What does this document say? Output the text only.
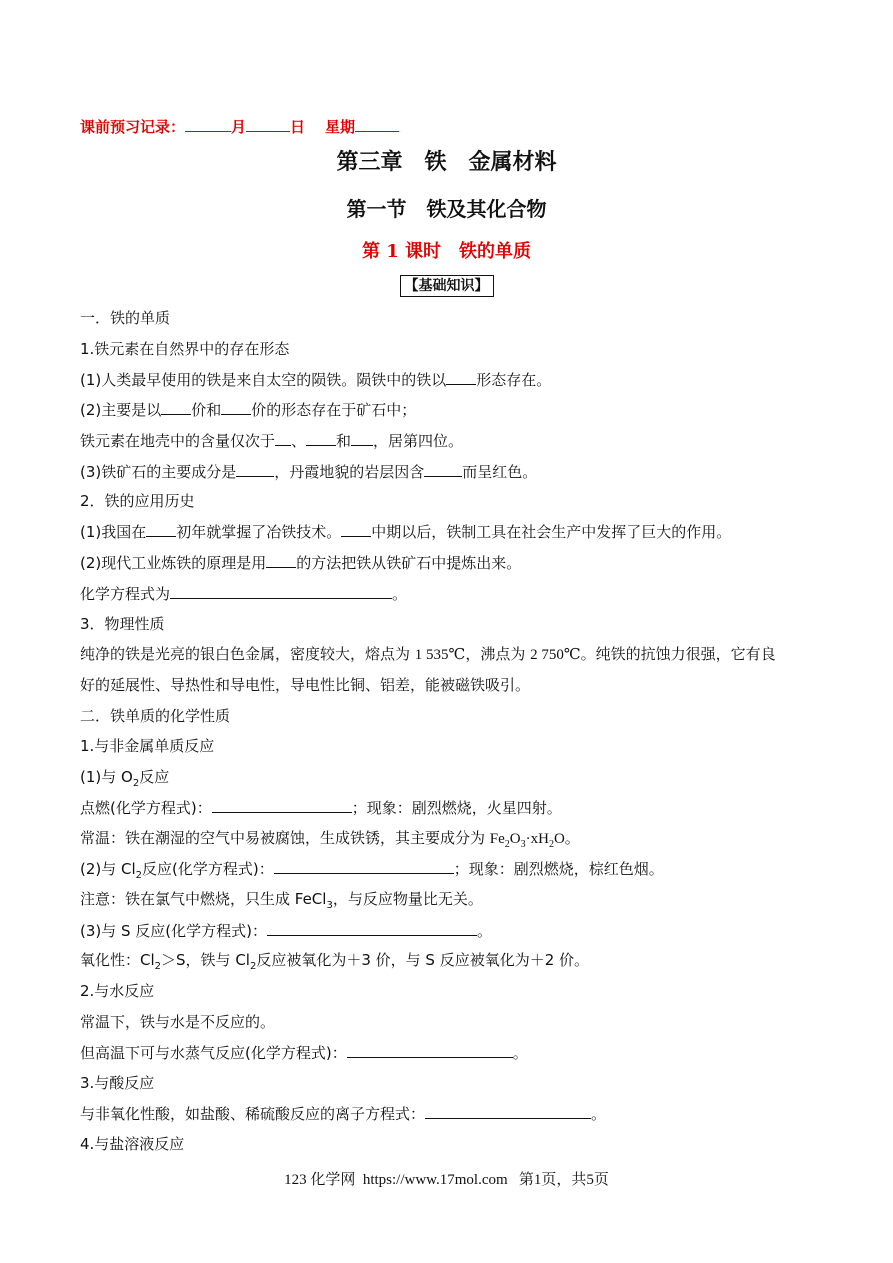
课前预习记录：	月	日 星期
第三章　铁　金属材料
第一节　铁及其化合物
第 1 课时　铁的单质
【基础知识】
一．铁的单质
1.铁元素在自然界中的存在形态
(1)人类最早使用的铁是来自太空的陨铁。陨铁中的铁以 形态存在。
(2)主要是以 价和 价的形态存在于矿石中；
铁元素在地壳中的含量仅次于 、 和 ，居第四位。
(3)铁矿石的主要成分是	，丹霞地貌的岩层因含	而呈红色。
2．铁的应用历史
(1)我国在 初年就掌握了冶铁技术。 中期以后，铁制工具在社会生产中发挥了巨大的作用。
(2)现代工业炼铁的原理是用 的方法把铁从铁矿石中提炼出来。
化学方程式为	。
3．物理性质
纯净的铁是光亮的银白色金属，密度较大，熔点为 1 535℃，沸点为 2 750℃。纯铁的抗蚀力很强，它有良
好的延展性、导热性和导电性，导电性比铜、铝差，能被磁铁吸引。
二．铁单质的化学性质
1.与非金属单质反应
(1)与 $O_2$反应
点燃(化学方程式)：	；现象：剧烈燃烧，火星四射。
常温：铁在潮湿的空气中易被腐蚀，生成铁锈，其主要成分为 $Fe_2O_3\cdot xH_2O$。
(2)与 $Cl_2$反应(化学方程式)：	；现象：剧烈燃烧，棕红色烟。
注意：铁在氯气中燃烧，只生成 FeCl$_3$，与反应物量比无关。
(3)与 S 反应(化学方程式)：	。
氧化性：$Cl_2>S$，铁与 $Cl_2$反应被氧化为＋3 价，与 S 反应被氧化为＋2 价。
2.与水反应
常温下，铁与水是不反应的。
但高温下可与水蒸气反应(化学方程式)：	。
3.与酸反应
与非氧化性酸，如盐酸、稀硫酸反应的离子方程式：	。
4.与盐溶液反应
123 化学网  https://www.17mol.com   第1页，共5页
